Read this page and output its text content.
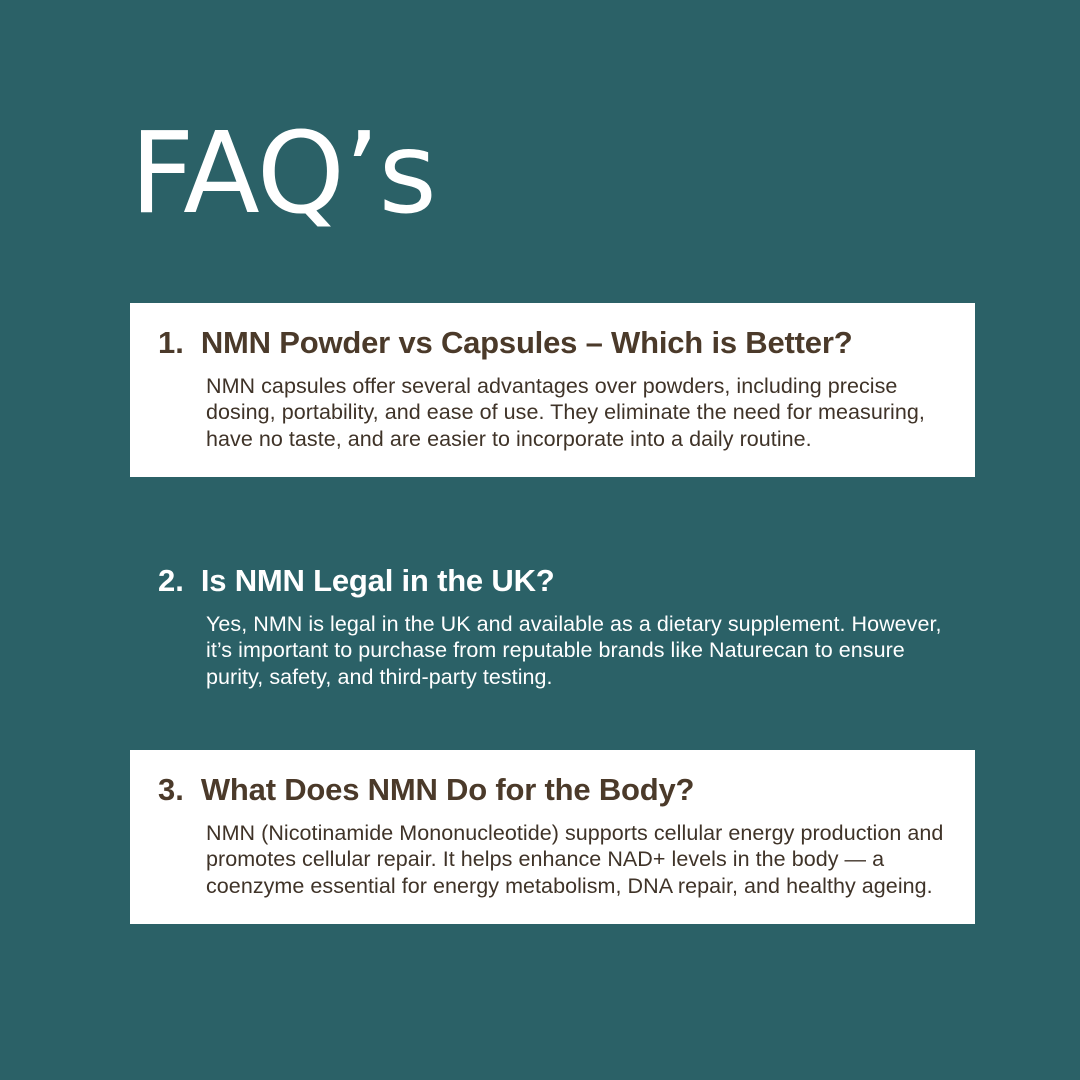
FAQ’s
1. NMN Powder vs Capsules – Which is Better?
NMN capsules offer several advantages over powders, including precise dosing, portability, and ease of use. They eliminate the need for measuring, have no taste, and are easier to incorporate into a daily routine.
2. Is NMN Legal in the UK?
Yes, NMN is legal in the UK and available as a dietary supplement. However, it’s important to purchase from reputable brands like Naturecan to ensure purity, safety, and third-party testing.
3. What Does NMN Do for the Body?
NMN (Nicotinamide Mononucleotide) supports cellular energy production and promotes cellular repair. It helps enhance NAD+ levels in the body — a coenzyme essential for energy metabolism, DNA repair, and healthy ageing.
